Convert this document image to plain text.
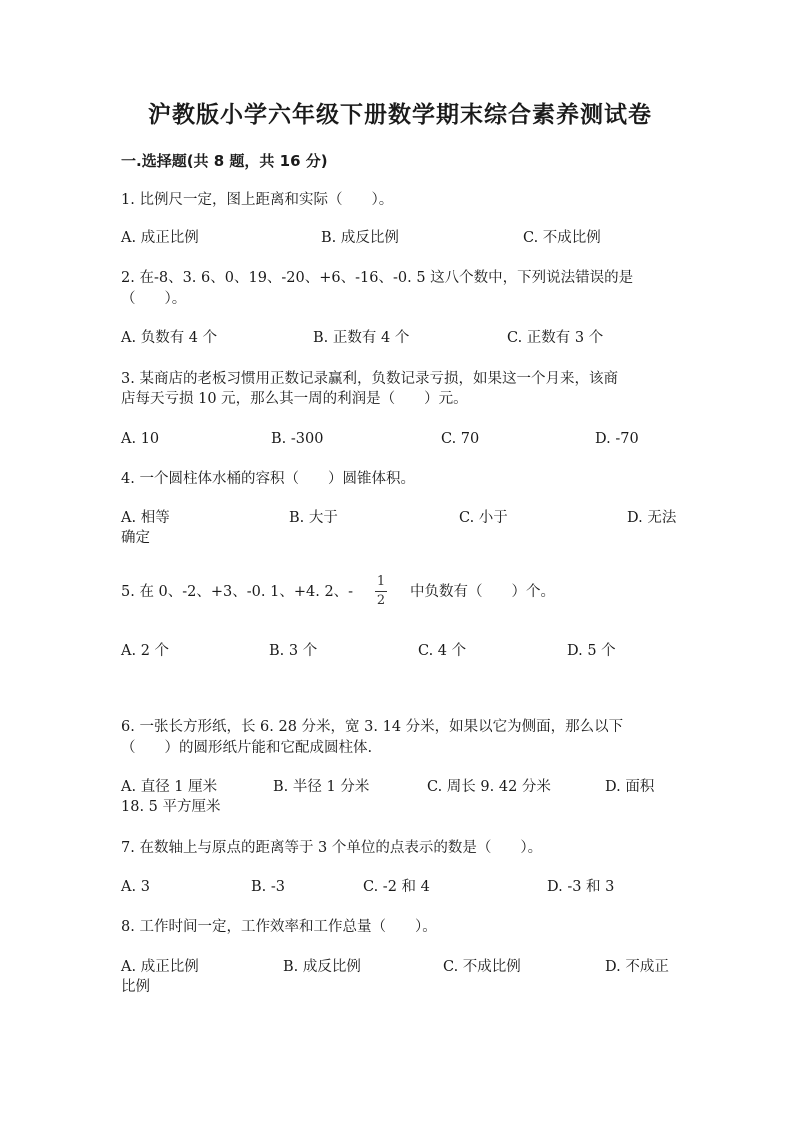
沪教版小学六年级下册数学期末综合素养测试卷
一.选择题(共 8 题，共 16 分)
1. 比例尺一定，图上距离和实际（　　）。
A. 成正比例	B. 成反比例	C. 不成比例
2. 在-8、3. 6、0、19、-20、+6、-16、-0. 5 这八个数中，下列说法错误的是
（　　）。
A. 负数有 4 个	B. 正数有 4 个	C. 正数有 3 个
3. 某商店的老板习惯用正数记录赢利，负数记录亏损，如果这一个月来，该商
店每天亏损 10 元，那么其一周的利润是（　　）元。
A. 10	B. -300	C. 70	D. -70
4. 一个圆柱体水桶的容积（　　）圆锥体积。
A. 相等	B. 大于	C. 小于	D. 无法
确定
5. 在 0、-2、+3、-0. 1、+4. 2、-
1
2
中负数有（　　）个。
A. 2 个	B. 3 个	C. 4 个	D. 5 个
6. 一张长方形纸，长 6. 28 分米，宽 3. 14 分米，如果以它为侧面，那么以下
（　　）的圆形纸片能和它配成圆柱体.
A. 直径 1 厘米	B. 半径 1 分米	C. 周长 9. 42 分米	D. 面积
18. 5 平方厘米
7. 在数轴上与原点的距离等于 3 个单位的点表示的数是（　　）。
A. 3	B. -3	C. -2 和 4	D. -3 和 3
8. 工作时间一定，工作效率和工作总量（　　）。
A. 成正比例	B. 成反比例	C. 不成比例	D. 不成正
比例
